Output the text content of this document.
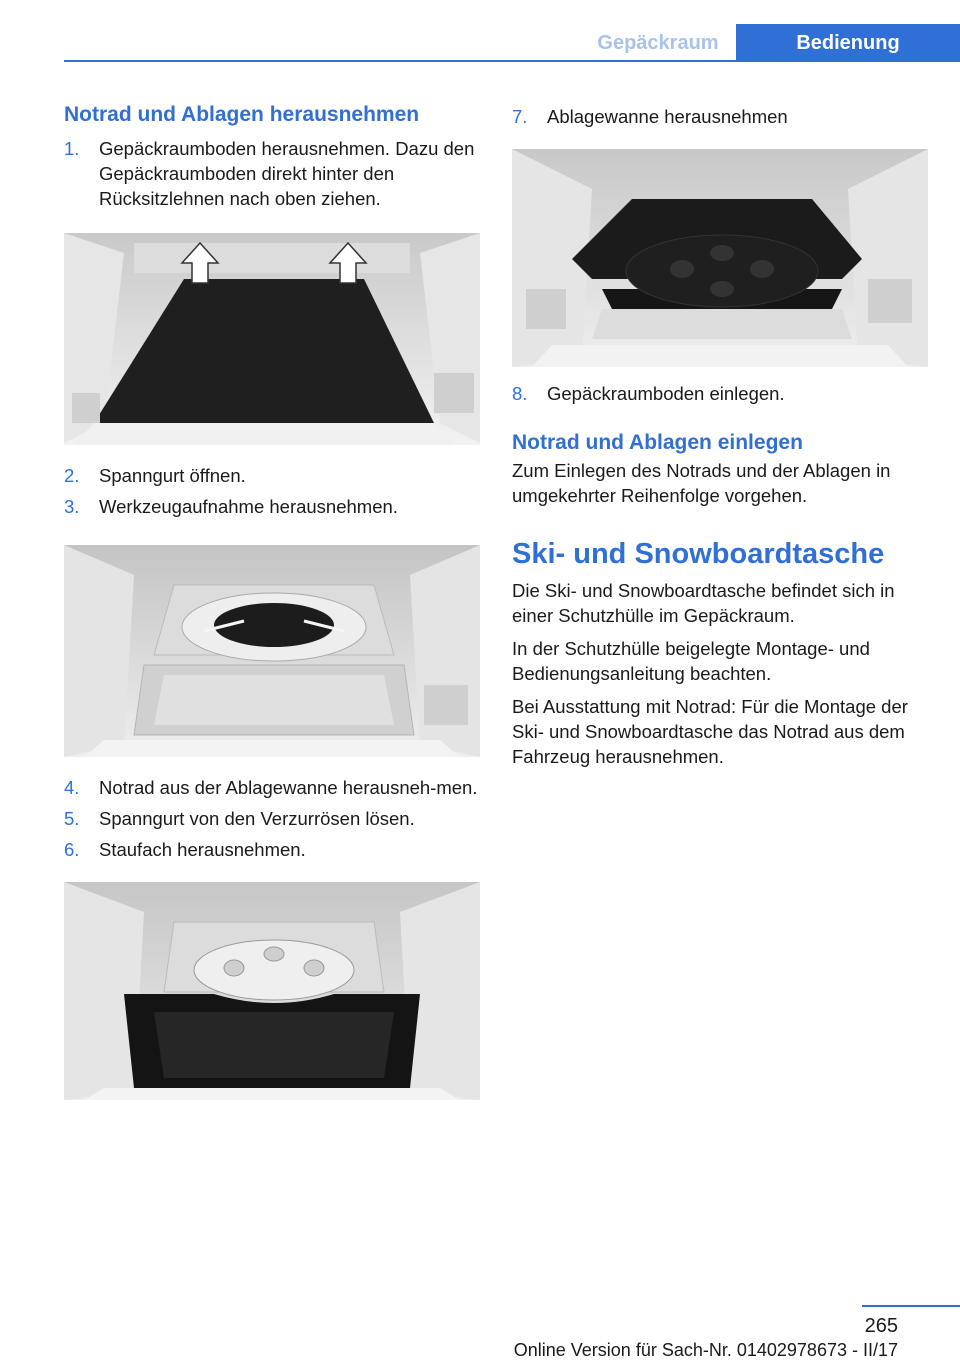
Gepäckraum	Bedienung
Notrad und Ablagen herausnehmen
1.	Gepäckraumboden herausnehmen. Dazu den Gepäckraumboden direkt hinter den Rücksitzlehnen nach oben ziehen.
2.	Spanngurt öffnen.
3.	Werkzeugaufnahme herausnehmen.
4.	Notrad aus der Ablagewanne herausneh‐men.
5.	Spanngurt von den Verzurrösen lösen.
6.	Staufach herausnehmen.
7.	Ablagewanne herausnehmen
8.	Gepäckraumboden einlegen.
Notrad und Ablagen einlegen

Zum Einlegen des Notrads und der Ablagen in umgekehrter Reihenfolge vorgehen.

Ski- und Snowboardtasche

Die Ski- und Snowboardtasche befindet sich in einer Schutzhülle im Gepäckraum.

In der Schutzhülle beigelegte Montage- und Bedienungsanleitung beachten.

Bei Ausstattung mit Notrad: Für die Montage der Ski- und Snowboardtasche das Notrad aus dem Fahrzeug herausnehmen.

265
Online Version für Sach-Nr. 01402978673 - II/17
